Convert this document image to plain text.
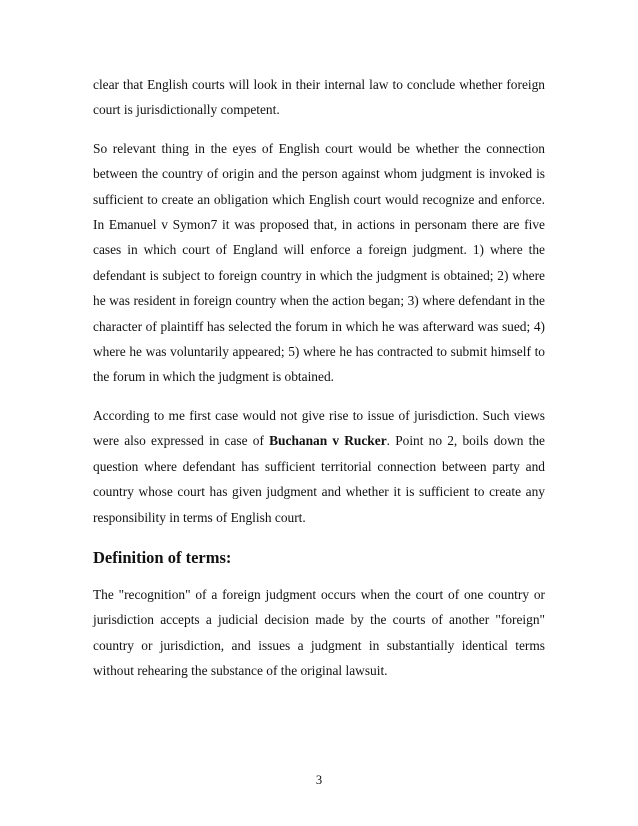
clear that English courts will look in their internal law to conclude whether foreign court is jurisdictionally competent.

So relevant thing in the eyes of English court would be whether the connection between the country of origin and the person against whom judgment is invoked is sufficient to create an obligation which English court would recognize and enforce. In Emanuel v Symon7 it was proposed that, in actions in personam there are five cases in which court of England will enforce a foreign judgment. 1) where the defendant is subject to foreign country in which the judgment is obtained; 2) where he was resident in foreign country when the action began; 3) where defendant in the character of plaintiff has selected the forum in which he was afterward was sued; 4) where he was voluntarily appeared; 5) where he has contracted to submit himself to the forum in which the judgment is obtained.

According to me first case would not give rise to issue of jurisdiction. Such views were also expressed in case of Buchanan v Rucker. Point no 2, boils down the question where defendant has sufficient territorial connection between party and country whose court has given judgment and whether it is sufficient to create any responsibility in terms of English court.

Definition of terms:

The "recognition" of a foreign judgment occurs when the court of one country or jurisdiction accepts a judicial decision made by the courts of another "foreign" country or jurisdiction, and issues a judgment in substantially identical terms without rehearing the substance of the original lawsuit.

3
